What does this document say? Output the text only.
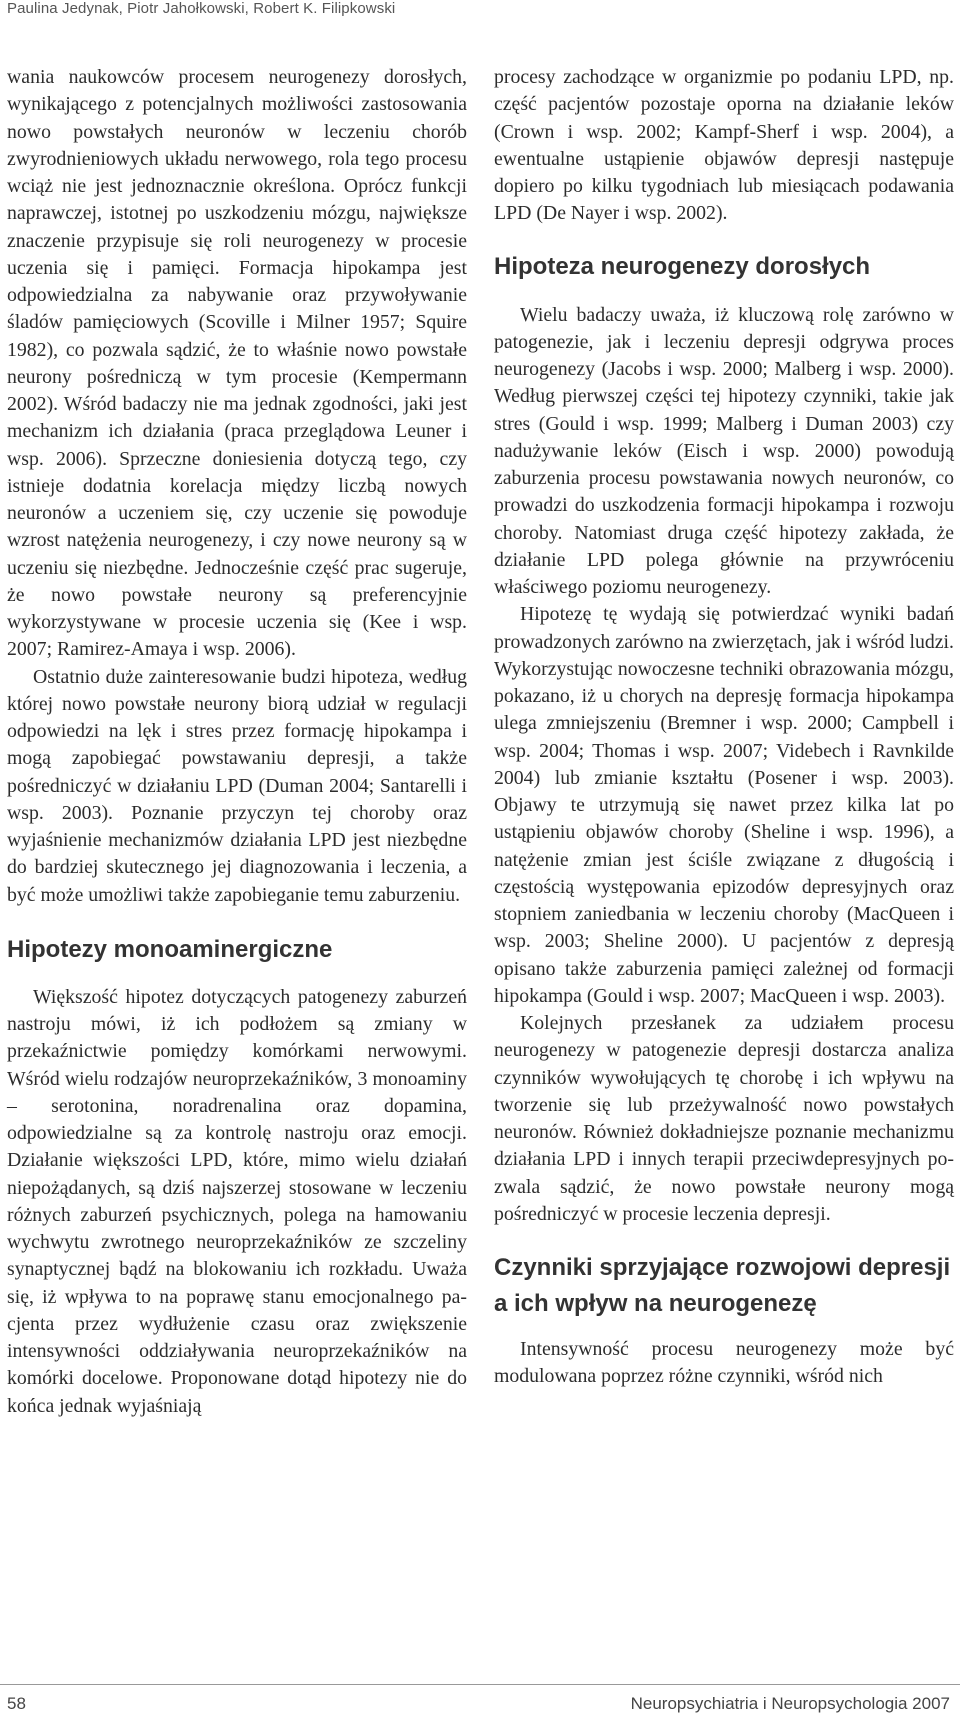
Paulina Jedynak, Piotr Jahołkowski, Robert K. Filipkowski

wania naukowców procesem neurogenezy dorosłych, wynikającego z potencjalnych możliwości zastosowania nowo powstałych neuronów w leczeniu chorób zwyrodnieniowych układu nerwowego, rola tego procesu wciąż nie jest jednoznacznie określona. Oprócz funkcji naprawczej, istotnej po uszkodzeniu mózgu, największe znaczenie przypisuje się roli neurogenezy w procesie uczenia się i pamięci. Formacja hipokampa jest odpowiedzialna za nabywanie oraz przywoływanie śladów pamięciowych (Scoville i Milner 1957; Squire 1982), co pozwala sądzić, że to właśnie nowo powstałe neurony pośredniczą w tym procesie (Kempermann 2002). Wśród badaczy nie ma jednak zgodności, jaki jest mechanizm ich działania (praca przeglądowa Leuner i wsp. 2006). Sprzeczne doniesienia dotyczą tego, czy istnieje dodatnia korelacja między liczbą nowych neuronów a uczeniem się, czy uczenie się powoduje wzrost natężenia neurogenezy, i czy nowe neurony są w uczeniu się niezbędne. Jednocześnie część prac sugeruje, że nowo powstałe neurony są preferencyjnie wykorzystywane w procesie uczenia się (Kee i wsp. 2007; Ramirez-Amaya i wsp. 2006).

Ostatnio duże zainteresowanie budzi hipoteza, według której nowo powstałe neurony biorą udział w regulacji odpowiedzi na lęk i stres przez formację hipokampa i mogą zapobiegać powstawaniu depresji, a także pośredniczyć w działaniu LPD (Duman 2004; Santarelli i wsp. 2003). Poznanie przyczyn tej choroby oraz wyjaśnienie mechanizmów działania LPD jest niezbędne do bardziej skutecznego jej diagnozowania i leczenia, a być może umożliwi także zapobieganie temu zaburzeniu.

Hipotezy monoaminergiczne

Większość hipotez dotyczących patogenezy zaburzeń nastroju mówi, iż ich podłożem są zmiany w przekaźnictwie pomiędzy komórkami nerwowymi. Wśród wielu rodzajów neuroprzekaźników, 3 monoaminy – serotonina, noradrenalina oraz dopamina, odpowiedzialne są za kontrolę nastroju oraz emocji. Działanie większości LPD, które, mimo wielu działań niepożądanych, są dziś najszerzej stosowane w leczeniu różnych zaburzeń psychicznych, polega na hamowaniu wychwytu zwrotnego neuroprzekaźników ze szczeliny synaptycznej bądź na blokowaniu ich rozkładu. Uważa się, iż wpływa to na poprawę stanu emocjonalnego pacjenta przez wydłużenie czasu oraz zwiększenie intensywności oddziaływania neuroprzekaźników na komórki docelowe. Proponowane dotąd hipotezy nie do końca jednak wyjaśniają

procesy zachodzące w organizmie po podaniu LPD, np. część pacjentów pozostaje oporna na działanie leków (Crown i wsp. 2002; Kampf-Sherf i wsp. 2004), a ewentualne ustąpienie objawów depresji następuje dopiero po kilku tygodniach lub miesiącach podawania LPD (De Nayer i wsp. 2002).

Hipoteza neurogenezy dorosłych

Wielu badaczy uważa, iż kluczową rolę zarówno w patogenezie, jak i leczeniu depresji odgrywa proces neurogenezy (Jacobs i wsp. 2000; Malberg i wsp. 2000). Według pierwszej części tej hipotezy czynniki, takie jak stres (Gould i wsp. 1999; Malberg i Duman 2003) czy nadużywanie leków (Eisch i wsp. 2000) powodują zaburzenia procesu powstawania nowych neuronów, co prowadzi do uszkodzenia formacji hipokampa i rozwoju choroby. Natomiast druga część hipotezy zakłada, że działanie LPD polega głównie na przywróceniu właściwego poziomu neurogenezy.

Hipotezę tę wydają się potwierdzać wyniki badań prowadzonych zarówno na zwierzętach, jak i wśród ludzi. Wykorzystując nowoczesne techniki obrazowania mózgu, pokazano, iż u chorych na depresję formacja hipokampa ulega zmniejszeniu (Bremner i wsp. 2000; Campbell i wsp. 2004; Thomas i wsp. 2007; Videbech i Ravnkilde 2004) lub zmianie kształtu (Posener i wsp. 2003). Objawy te utrzymują się nawet przez kilka lat po ustąpieniu objawów choroby (Sheline i wsp. 1996), a natężenie zmian jest ściśle związane z długością i częstością występowania epizodów depresyjnych oraz stopniem zaniedbania w leczeniu choroby (MacQueen i wsp. 2003; Sheline 2000). U pacjentów z depresją opisano także zaburzenia pamięci zależnej od formacji hipokampa (Gould i wsp. 2007; MacQueen i wsp. 2003).

Kolejnych przesłanek za udziałem procesu neurogenezy w patogenezie depresji dostarcza analiza czynników wywołujących tę chorobę i ich wpływu na tworzenie się lub przeżywalność nowo powstałych neuronów. Również dokładniejsze poznanie mechanizmu działania LPD i innych terapii przeciwdepresyjnych pozwala sądzić, że nowo powstałe neurony mogą pośredniczyć w procesie leczenia depresji.

Czynniki sprzyjające rozwojowi depresji a ich wpływ na neurogenezę

Intensywność procesu neurogenezy może być modulowana poprzez różne czynniki, wśród nich

58	Neuropsychiatria i Neuropsychologia 2007
